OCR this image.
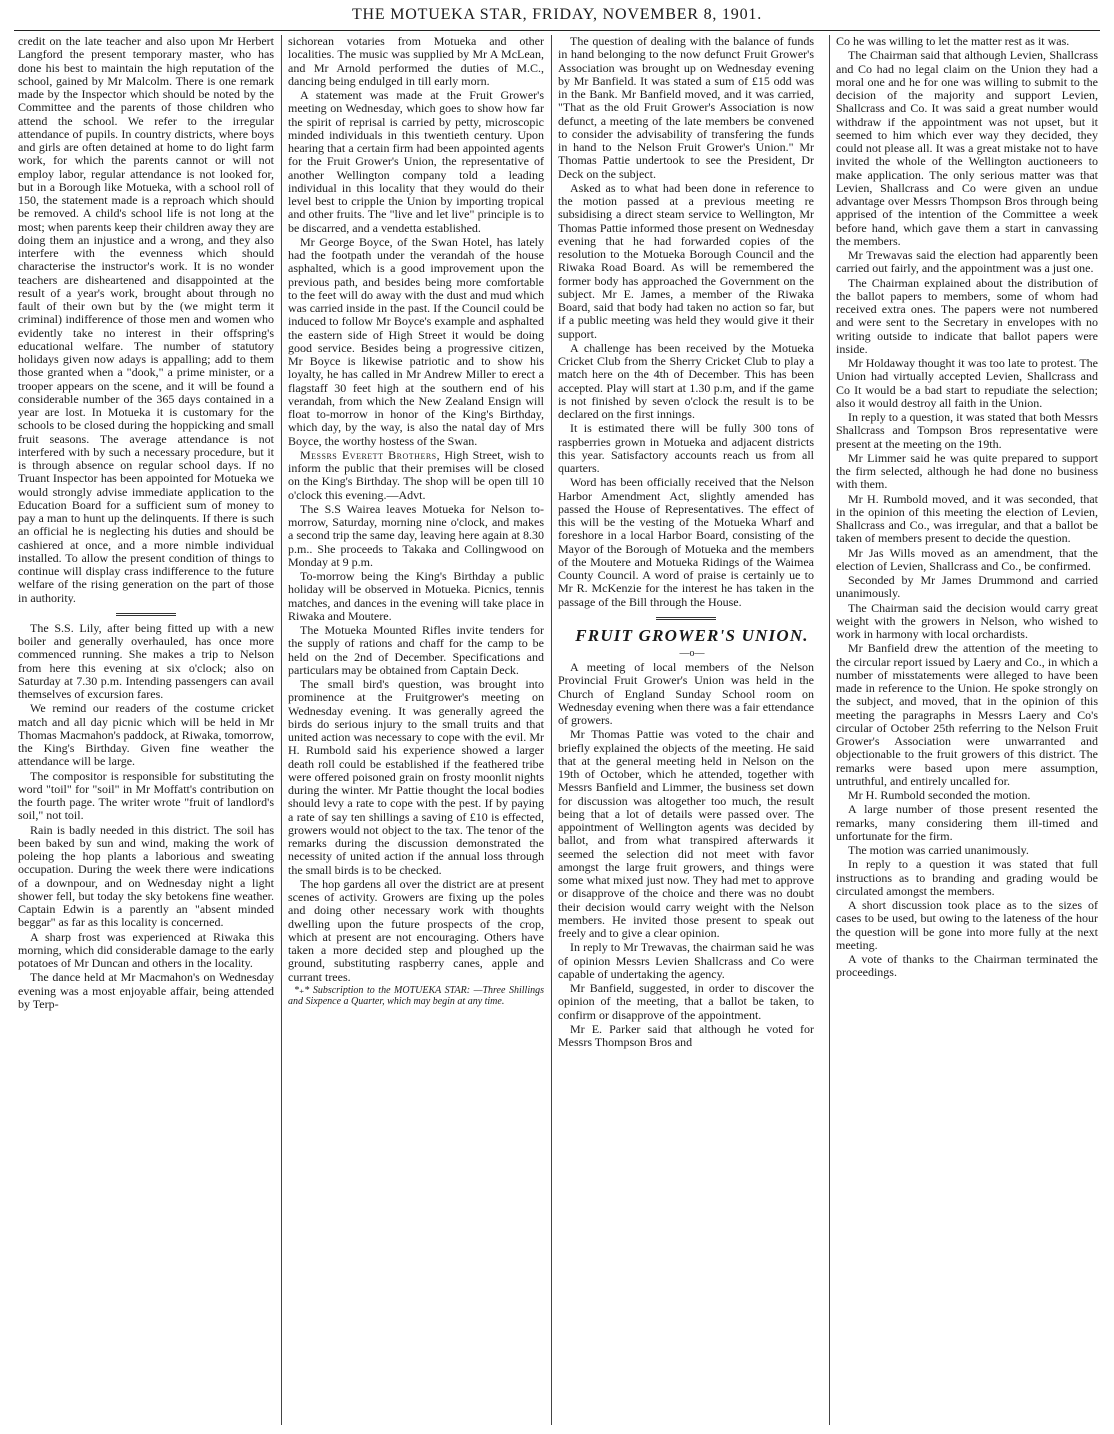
THE MOTUEKA STAR, FRIDAY, NOVEMBER 8, 1901.

credit on the late teacher and also upon Mr Herbert Langford the present temporary master, who has done his best to maintain the high reputation of the school, gained by Mr Malcolm. There is one remark made by the Inspector which should be noted by the Committee and the parents of those children who attend the school. We refer to the irregular attendance of pupils. In country districts, where boys and girls are often detained at home to do light farm work, for which the parents cannot or will not employ labor, regular attendance is not looked for, but in a Borough like Motueka, with a school roll of 150, the statement made is a reproach which should be removed. A child's school life is not long at the most; when parents keep their children away they are doing them an injustice and a wrong, and they also interfere with the evenness which should characterise the instructor's work. It is no wonder teachers are disheartened and disappointed at the result of a year's work, brought about through no fault of their own but by the (we might term it criminal) indifference of those men and women who evidently take no interest in their offspring's educational welfare. The number of statutory holidays given now adays is appalling; add to them those granted when a "dook," a prime minister, or a trooper appears on the scene, and it will be found a considerable number of the 365 days contained in a year are lost. In Motueka it is customary for the schools to be closed during the hoppicking and small fruit seasons. The average attendance is not interfered with by such a necessary procedure, but it is through absence on regular school days. If no Truant Inspector has been appointed for Motueka we would strongly advise immediate application to the Education Board for a sufficient sum of money to pay a man to hunt up the delinquents. If there is such an official he is neglecting his duties and should be cashiered at once, and a more nimble individual installed. To allow the present condition of things to continue will display crass indifference to the future welfare of the rising generation on the part of those in authority.

The S.S. Lily, after being fitted up with a new boiler and generally overhauled, has once more commenced running. She makes a trip to Nelson from here this evening at six o'clock; also on Saturday at 7.30 p.m. Intending passengers can avail themselves of excursion fares.

We remind our readers of the costume cricket match and all day picnic which will be held in Mr Thomas Macmahon's paddock, at Riwaka, tomorrow, the King's Birthday. Given fine weather the attendance will be large.

The compositor is responsible for substituting the word "toil" for "soil" in Mr Moffatt's contribution on the fourth page. The writer wrote "fruit of landlord's soil," not toil.

Rain is badly needed in this district. The soil has been baked by sun and wind, making the work of poleing the hop plants a laborious and sweating occupation. During the week there were indications of a downpour, and on Wednesday night a light shower fell, but today the sky betokens fine weather. Captain Edwin is a parently an "absent minded beggar" as far as this locality is concerned.

A sharp frost was experienced at Riwaka this morning, which did considerable damage to the early potatoes of Mr Duncan and others in the locality.

The dance held at Mr Macmahon's on Wednesday evening was a most enjoyable affair, being attended by Terp-

sichorean votaries from Motueka and other localities. The music was supplied by Mr A McLean, and Mr Arnold performed the duties of M.C., dancing being endulged in till early morn.

A statement was made at the Fruit Grower's meeting on Wednesday, which goes to show how far the spirit of reprisal is carried by petty, microscopic minded individuals in this twentieth century. Upon hearing that a certain firm had been appointed agents for the Fruit Grower's Union, the representative of another Wellington company told a leading individual in this locality that they would do their level best to cripple the Union by importing tropical and other fruits. The "live and let live" principle is to be discarred, and a vendetta established.

Mr George Boyce, of the Swan Hotel, has lately had the footpath under the verandah of the house asphalted, which is a good improvement upon the previous path, and besides being more comfortable to the feet will do away with the dust and mud which was carried inside in the past. If the Council could be induced to follow Mr Boyce's example and asphalted the eastern side of High Street it would be doing good service. Besides being a progressive citizen, Mr Boyce is likewise patriotic and to show his loyalty, he has called in Mr Andrew Miller to erect a flagstaff 30 feet high at the southern end of his verandah, from which the New Zealand Ensign will float to-morrow in honor of the King's Birthday, which day, by the way, is also the natal day of Mrs Boyce, the worthy hostess of the Swan.

Messrs Everett Brothers, High Street, wish to inform the public that their premises will be closed on the King's Birthday. The shop will be open till 10 o'clock this evening.—Advt.

The S.S Wairea leaves Motueka for Nelson to-morrow, Saturday, morning nine o'clock, and makes a second trip the same day, leaving here again at 8.30 p.m.. She proceeds to Takaka and Collingwood on Monday at 9 p.m.

To-morrow being the King's Birthday a public holiday will be observed in Motueka. Picnics, tennis matches, and dances in the evening will take place in Riwaka and Moutere.

The Motueka Mounted Rifles invite tenders for the supply of rations and chaff for the camp to be held on the 2nd of December. Specifications and particulars may be obtained from Captain Deck.

The small bird's question, was brought into prominence at the Fruitgrower's meeting on Wednesday evening. It was generally agreed the birds do serious injury to the small truits and that united action was necessary to cope with the evil. Mr H. Rumbold said his experience showed a larger death roll could be established if the feathered tribe were offered poisoned grain on frosty moonlit nights during the winter. Mr Pattie thought the local bodies should levy a rate to cope with the pest. If by paying a rate of say ten shillings a saving of £10 is effected, growers would not object to the tax. The tenor of the remarks during the discussion demonstrated the necessity of united action if the annual loss through the small birds is to be checked.

The hop gardens all over the district are at present scenes of activity. Growers are fixing up the poles and doing other necessary work with thoughts dwelling upon the future prospects of the crop, which at present are not encouraging. Others have taken a more decided step and ploughed up the ground, substituting raspberry canes, apple and currant trees.

*₊* Subscription to the MOTUEKA STAR: —Three Shillings and Sixpence a Quarter, which may begin at any time.

The question of dealing with the balance of funds in hand belonging to the now defunct Fruit Grower's Association was brought up on Wednesday evening by Mr Banfield. It was stated a sum of £15 odd was in the Bank. Mr Banfield moved, and it was carried, "That as the old Fruit Grower's Association is now defunct, a meeting of the late members be convened to consider the advisability of transfering the funds in hand to the Nelson Fruit Grower's Union." Mr Thomas Pattie undertook to see the President, Dr Deck on the subject.

Asked as to what had been done in reference to the motion passed at a previous meeting re subsidising a direct steam service to Wellington, Mr Thomas Pattie informed those present on Wednesday evening that he had forwarded copies of the resolution to the Motueka Borough Council and the Riwaka Road Board. As will be remembered the former body has approached the Government on the subject. Mr E. James, a member of the Riwaka Board, said that body had taken no action so far, but if a public meeting was held they would give it their support.

A challenge has been received by the Motueka Cricket Club from the Sherry Cricket Club to play a match here on the 4th of December. This has been accepted. Play will start at 1.30 p.m, and if the game is not finished by seven o'clock the result is to be declared on the first innings.

It is estimated there will be fully 300 tons of raspberries grown in Motueka and adjacent districts this year. Satisfactory accounts reach us from all quarters.

Word has been officially received that the Nelson Harbor Amendment Act, slightly amended has passed the House of Representatives. The effect of this will be the vesting of the Motueka Wharf and foreshore in a local Harbor Board, consisting of the Mayor of the Borough of Motueka and the members of the Moutere and Motueka Ridings of the Waimea County Council. A word of praise is certainly ue to Mr R. McKenzie for the interest he has taken in the passage of the Bill through the House.

FRUIT GROWER'S UNION.

—o—

A meeting of local members of the Nelson Provincial Fruit Grower's Union was held in the Church of England Sunday School room on Wednesday evening when there was a fair ettendance of growers.

Mr Thomas Pattie was voted to the chair and briefly explained the objects of the meeting. He said that at the general meeting held in Nelson on the 19th of October, which he attended, together with Messrs Banfield and Limmer, the business set down for discussion was altogether too much, the result being that a lot of details were passed over. The appointment of Wellington agents was decided by ballot, and from what transpired afterwards it seemed the selection did not meet with favor amongst the large fruit growers, and things were some what mixed just now. They had met to approve or disapprove of the choice and there was no doubt their decision would carry weight with the Nelson members. He invited those present to speak out freely and to give a clear opinion.

In reply to Mr Trewavas, the chairman said he was of opinion Messrs Levien Shallcrass and Co were capable of undertaking the agency.

Mr Banfield, suggested, in order to discover the opinion of the meeting, that a ballot be taken, to confirm or disapprove of the appointment.

Mr E. Parker said that although he voted for Messrs Thompson Bros and

Co he was willing to let the matter rest as it was.

The Chairman said that although Levien, Shallcrass and Co had no legal claim on the Union they had a moral one and he for one was willing to submit to the decision of the majority and support Levien, Shallcrass and Co. It was said a great number would withdraw if the appointment was not upset, but it seemed to him which ever way they decided, they could not please all. It was a great mistake not to have invited the whole of the Wellington auctioneers to make application. The only serious matter was that Levien, Shallcrass and Co were given an undue advantage over Messrs Thompson Bros through being apprised of the intention of the Committee a week before hand, which gave them a start in canvassing the members.

Mr Trewavas said the election had apparently been carried out fairly, and the appointment was a just one.

The Chairman explained about the distribution of the ballot papers to members, some of whom had received extra ones. The papers were not numbered and were sent to the Secretary in envelopes with no writing outside to indicate that ballot papers were inside.

Mr Holdaway thought it was too late to protest. The Union had virtually accepted Levien, Shallcrass and Co It would be a bad start to repudiate the selection; also it would destroy all faith in the Union.

In reply to a question, it was stated that both Messrs Shallcrass and Tompson Bros representative were present at the meeting on the 19th.

Mr Limmer said he was quite prepared to support the firm selected, although he had done no business with them.

Mr H. Rumbold moved, and it was seconded, that in the opinion of this meeting the election of Levien, Shallcrass and Co., was irregular, and that a ballot be taken of members present to decide the question.

Mr Jas Wills moved as an amendment, that the election of Levien, Shallcrass and Co., be confirmed.

Seconded by Mr James Drummond and carried unanimously.

The Chairman said the decision would carry great weight with the growers in Nelson, who wished to work in harmony with local orchardists.

Mr Banfield drew the attention of the meeting to the circular report issued by Laery and Co., in which a number of misstatements were alleged to have been made in reference to the Union. He spoke strongly on the subject, and moved, that in the opinion of this meeting the paragraphs in Messrs Laery and Co's circular of October 25th referring to the Nelson Fruit Grower's Association were unwarranted and objectionable to the fruit growers of this district. The remarks were based upon mere assumption, untruthful, and entirely uncalled for.

Mr H. Rumbold seconded the motion.

A large number of those present resented the remarks, many considering them ill-timed and unfortunate for the firm.

The motion was carried unanimously.

In reply to a question it was stated that full instructions as to branding and grading would be circulated amongst the members.

A short discussion took place as to the sizes of cases to be used, but owing to the lateness of the hour the question will be gone into more fully at the next meeting.

A vote of thanks to the Chairman terminated the proceedings.
